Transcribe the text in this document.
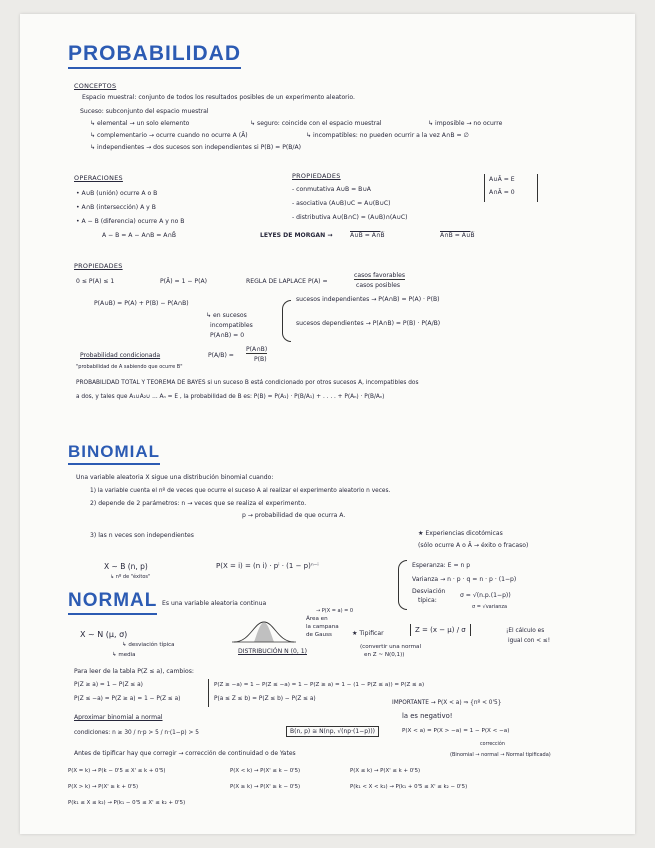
PROBABILIDAD
CONCEPTOS
Espacio muestral: conjunto de todos los resultados posibles de un experimento aleatorio.
Suceso: subconjunto del espacio muestral
↳ elemental → un solo elemento	↳ seguro: coincide con el espacio muestral	↳ imposible → no ocurre
↳ complementario → ocurre cuando no ocurre A (Ā)	↳ incompatibles: no pueden ocurrir a la vez A∩B = ∅
↳ independientes → dos sucesos son independientes si P(B) = P(B/A)
OPERACIONES
• A∪B (unión) ocurre A o B
• A∩B (intersección) A y B
• A − B (diferencia) ocurre A y no B
A − B = A − A∩B = A∩B̄
PROPIEDADES
- conmutativa A∪B = B∪A
- asociativa (A∪B)∪C = A∪(B∪C)
- distributiva A∪(B∩C) = (A∪B)∩(A∪C)
A∪Ā = E
A∩Ā = 0
LEYES DE MORGAN →	A∪B = Ā∩B̄	A∩B = Ā∪B̄
PROPIEDADES
0 ≤ P(A) ≤ 1	P(Ā) = 1 − P(A)	REGLA DE LAPLACE P(A) =
casos favorables
casos posibles
P(A∪B) = P(A) + P(B) − P(A∩B)
↳ en sucesos
incompatibles
P(A∩B) = 0
sucesos independientes → P(A∩B) = P(A) · P(B)
sucesos dependientes → P(A∩B) = P(B) · P(A/B)
Probabilidad condicionada	P(A/B) =
P(A∩B)
P(B)
"probabilidad de A sabiendo que ocurre B"
PROBABILIDAD TOTAL Y TEOREMA DE BAYES si un suceso B está condicionado por otros sucesos A, incompatibles dos
a dos, y tales que A₁∪A₂∪ ... Aₙ = E , la probabilidad de B es: P(B) = P(A₁) · P(B/A₁) + . . . . + P(Aₙ) · P(B/Aₙ)
BINOMIAL
Una variable aleatoria X sigue una distribución binomial cuando:
1) la variable cuenta el nº de veces que ocurre el suceso A al realizar el experimento aleatorio n veces.
2) depende de 2 parámetros: n → veces que se realiza el experimento.
p → probabilidad de que ocurra A.
3) las n veces son independientes	★ Experiencias dicotómicas
(sólo ocurre A o Ā → éxito o fracaso)
X ~ B (n, p)
↳ nº de "éxitos"
P(X = i) = (n i) · pⁱ · (1 − p)ⁿ⁻ⁱ	Esperanza: E = n p
Varianza → n · p · q = n · p · (1−p)
Desviación
típica:
σ = √(n.p.(1−p))
σ = √varianza
NORMAL Es una variable aleatoria continua
→ P(X = a) = 0
X ~ N (μ, σ)
↳ desviación típica
↳ media
Área en
la campana
de Gauss
DISTRIBUCIÓN N (0, 1)
★ Tipificar	Z = (x − μ) / σ
(convertir una normal
en Z ~ N(0,1))
¡El cálculo es
igual con < ≤!
Para leer de la tabla P(Z ≤ a), cambios:
P(Z ≥ a) = 1 − P(Z ≤ a)
P(Z ≤ −a) = P(Z ≥ a) = 1 − P(Z ≤ a)
P(Z ≥ −a) = 1 − P(Z ≤ −a) = 1 − P(Z ≥ a) = 1 − (1 − P(Z ≤ a)) = P(Z ≤ a)
P(a ≤ Z ≤ b) = P(Z ≤ b) − P(Z ≤ a)
IMPORTANTE → P(X < a) ⇒ {nº < 0'5}
la es negativo!
Aproximar binomial a normal
P(X < a) = P(X > −a) = 1 − P(X < −a)
condiciones: n ≥ 30 / n·p > 5 / n·(1−p) > 5	B(n, p) ≅ N(np, √(np·(1−p)))
corrección
Antes de tipificar hay que corregir → corrección de continuidad o de Yates	(Binomial → normal → Normal tipificada)
P(X = k) → P(k − 0'5 ≤ X' ≤ k + 0'5)	P(X < k) → P(X' ≤ k − 0'5)	P(X ≤ k) → P(X' ≤ k + 0'5)
P(X > k) → P(X' ≥ k + 0'5)	P(X ≥ k) → P(X' ≥ k − 0'5)	P(k₁ < X < k₂) → P(k₁ + 0'5 ≤ X' ≤ k₂ − 0'5)
P(k₁ ≤ X ≤ k₂) → P(k₁ − 0'5 ≤ X' ≤ k₂ + 0'5)
